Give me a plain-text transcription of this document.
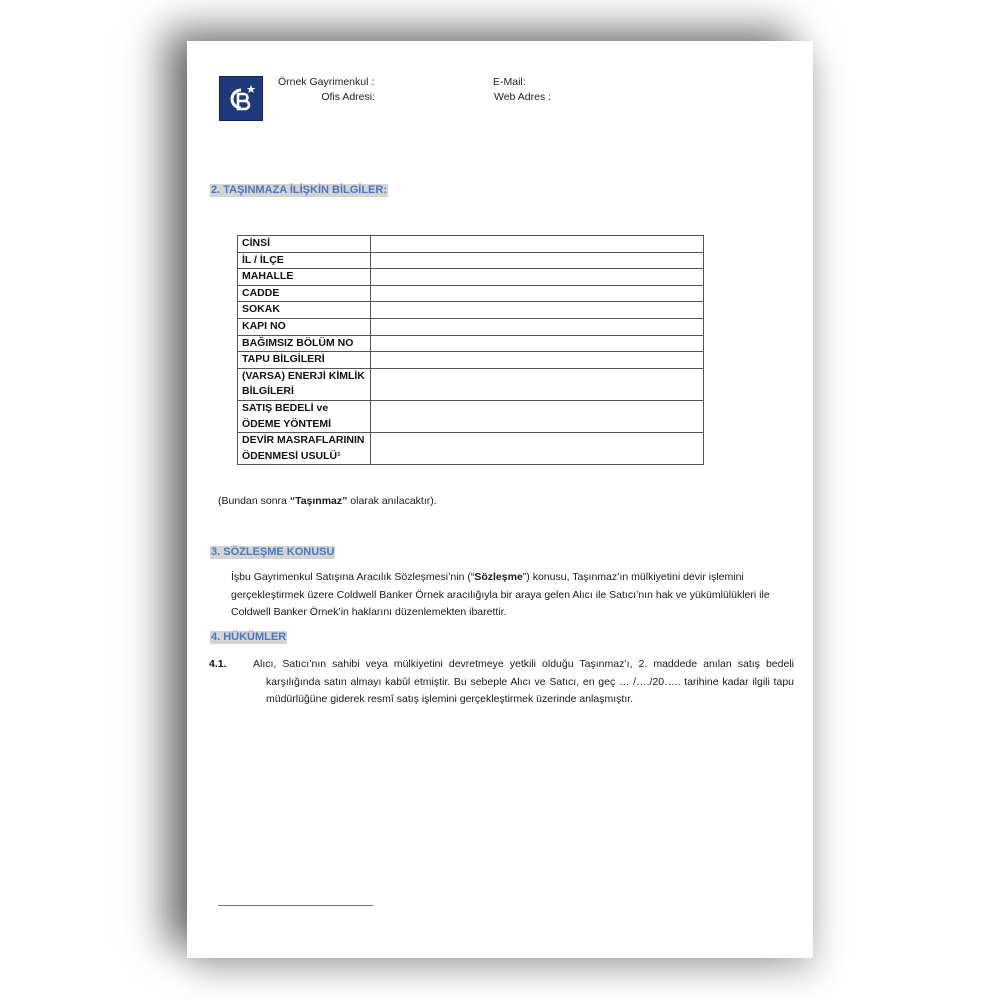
Örnek Gayrimenkul :
Ofis Adresi:
E-Mail:
Web Adres :
2. TAŞINMAZA İLİŞKİN BİLGİLER:
CİNSİ	
İL / İLÇE	
MAHALLE	
CADDE	
SOKAK	
KAPI NO	
BAĞIMSIZ BÖLÜM NO	
TAPU BİLGİLERİ	
(VARSA) ENERJİ KİMLİK BİLGİLERİ	
SATIŞ BEDELİ ve ÖDEME YÖNTEMİ	
DEVİR MASRAFLARININ ÖDENMESİ USULÜ¹	
(Bundan sonra “Taşınmaz” olarak anılacaktır).
3. SÖZLEŞME KONUSU
İşbu Gayrimenkul Satışına Aracılık Sözleşmesi’nin (“Sözleşme”) konusu, Taşınmaz’ın mülkiyetini devir işlemini gerçekleştirmek üzere Coldwell Banker Örnek aracılığıyla bir araya gelen Alıcı ile Satıcı’nın hak ve yükümlülükleri ile Coldwell Banker Örnek’in haklarını düzenlemekten ibarettir.
4. HÜKÜMLER
4.1.	Alıcı, Satıcı’nın sahibi veya mülkiyetini devretmeye yetkili olduğu Taşınmaz’ı, 2. maddede anılan satış bedeli karşılığında satın almayı kabûl etmiştir. Bu sebeple Alıcı ve Satıcı, en geç … /…./20….. tarihine kadar ilgili tapu müdürlüğüne giderek resmî satış işlemini gerçekleştirmek üzerinde anlaşmıştır.
